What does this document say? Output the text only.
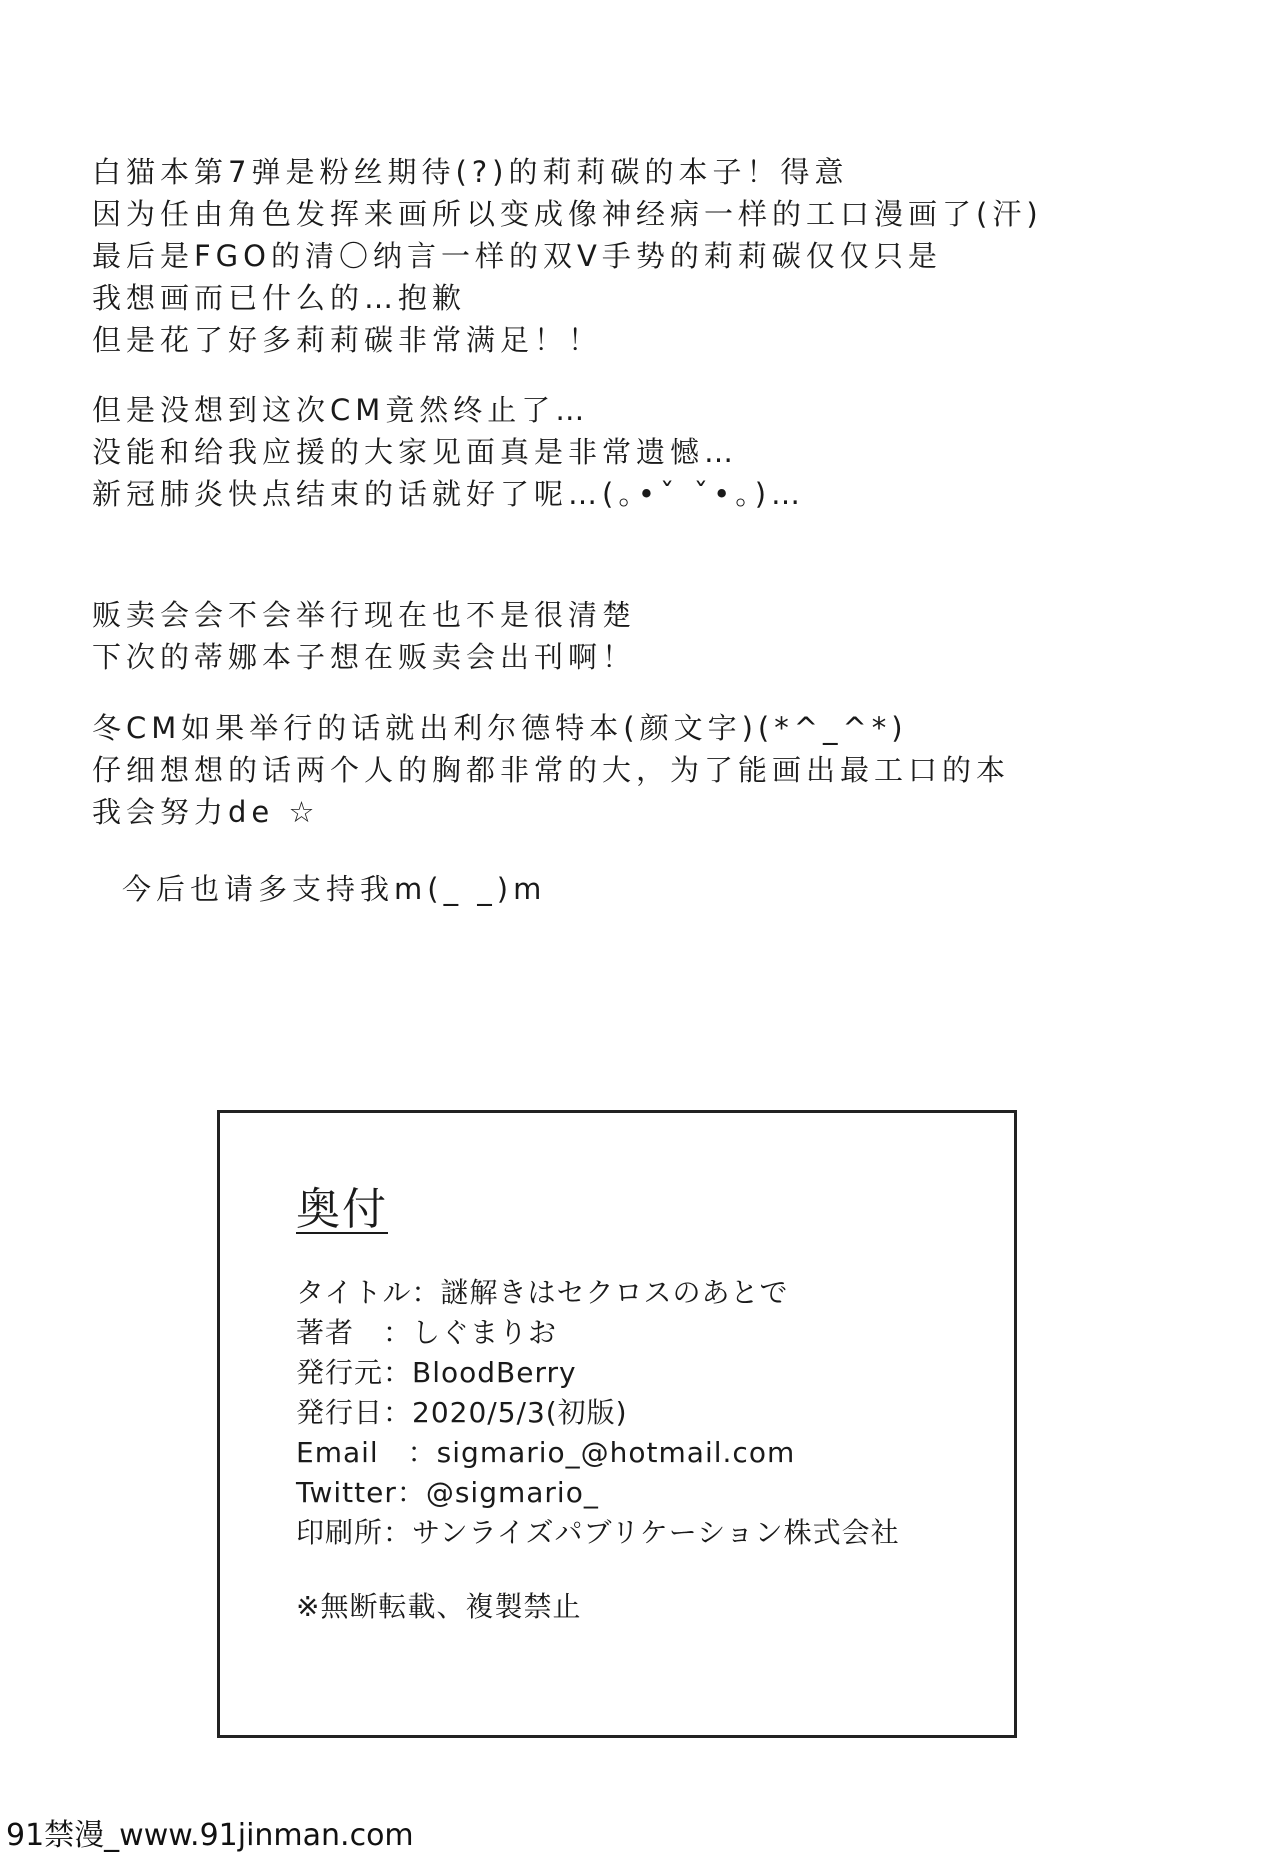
白猫本第7弹是粉丝期待(?)的莉莉碳的本子！得意
因为任由角色发挥来画所以变成像神经病一样的工口漫画了(汗)
最后是FGO的清〇纳言一样的双V手势的莉莉碳仅仅只是
我想画而已什么的…抱歉
但是花了好多莉莉碳非常满足！！
但是没想到这次CM竟然终止了…
没能和给我应援的大家见面真是非常遗憾…
新冠肺炎快点结束的话就好了呢…(｡•ˇ ˇ•｡)…
贩卖会会不会举行现在也不是很清楚
下次的蒂娜本子想在贩卖会出刊啊！
冬CM如果举行的话就出利尔德特本(颜文字)(*^_^*)
仔细想想的话两个人的胸都非常的大，为了能画出最工口的本
我会努力de ☆
今后也请多支持我m(_ _)m
奥付
タイトル：謎解きはセクロスのあとで
著者　：しぐまりお
発行元：BloodBerry
発行日：2020/5/3(初版)
Email　：sigmario_@hotmail.com
Twitter：@sigmario_
印刷所：サンライズパブリケーション株式会社
※無断転載、複製禁止
91禁漫_www.91jinman.com
